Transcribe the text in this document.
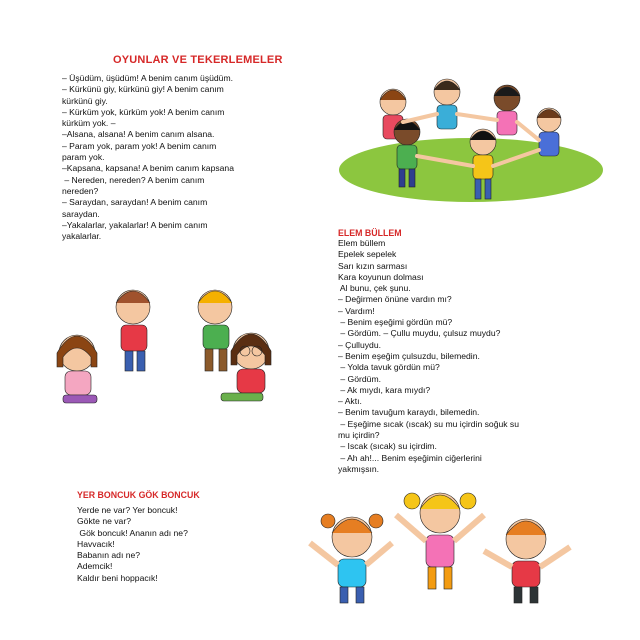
OYUNLAR VE TEKERLEMELER
– Üşüdüm, üşüdüm! A benim canım üşüdüm.
– Kürkünü giy, kürkünü giy! A benim canım
kürkünü giy.
– Kürküm yok, kürküm yok! A benim canım
kürküm yok. –
–Alsana, alsana! A benim canım alsana.
– Param yok, param yok! A benim canım
param yok.
–Kapsana, kapsana! A benim canım kapsana
– Nereden, nereden? A benim canım
nereden?
– Saraydan, saraydan! A benim canım
saraydan.
–Yakalarlar, yakalarlar! A benim canım
yakalarlar.	ELEM BÜLLEM
Elem büllem
Epelek sepelek
Sarı kızın sarması
Kara koyunun dolması
Al bunu, çek şunu.
– Değirmen önüne vardın mı?
– Vardım!
– Benim eşeğimi gördün mü?
– Gördüm. – Çullu muydu, çulsuz muydu?
– Çulluydu.
– Benim eşeğim çulsuzdu, bilemedin.
– Yolda tavuk gördün mü?
– Gördüm.
– Ak mıydı, kara mıydı?
– Aktı.
– Benim tavuğum karaydı, bilemedin.
– Eşeğime sıcak (ıscak) su mu içirdin soğuk su
mu içirdin?
– Iscak (sıcak) su içirdim.
– Ah ah!... Benim eşeğimin ciğerlerini
yakmışsın.
YER BONCUK GÖK BONCUK
Yerde ne var? Yer boncuk!
Gökte ne var?
Gök boncuk! Ananın adı ne?
Havvacık!
Babanın adı ne?
Ademcik!
Kaldır beni hoppacık!
